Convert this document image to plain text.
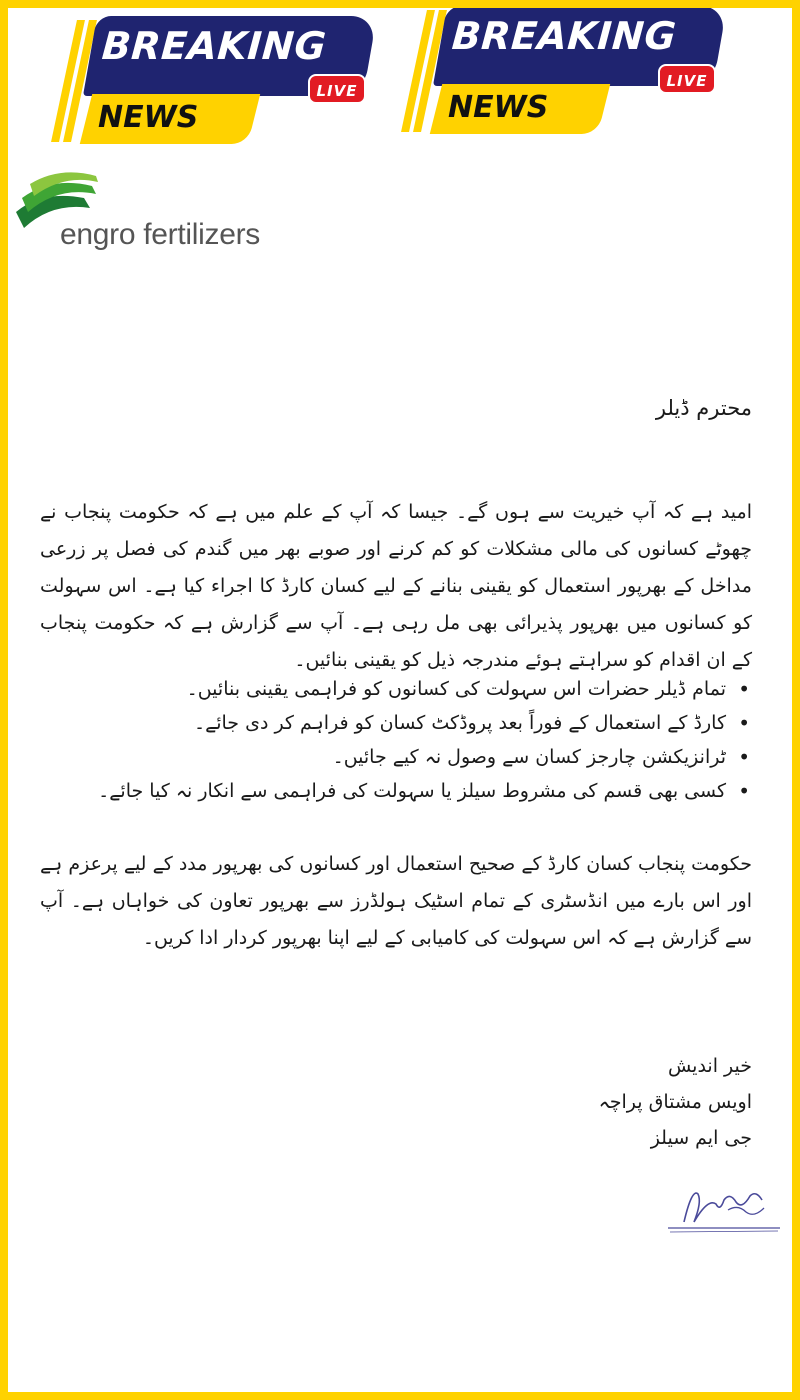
BREAKING
NEWS
LIVE
BREAKING
NEWS
LIVE
engro fertilizers
محترم ڈیلر

امید ہے کہ آپ خیریت سے ہوں گے۔ جیسا کہ آپ کے علم میں ہے کہ حکومت پنجاب نے چھوٹے کسانوں کی مالی مشکلات کو کم کرنے اور صوبے بھر میں گندم کی فصل پر زرعی مداخل کے بھرپور استعمال کو یقینی بنانے کے لیے کسان کارڈ کا اجراء کیا ہے۔ اس سہولت کو کسانوں میں بھرپور پذیرائی بھی مل رہی ہے۔ آپ سے گزارش ہے کہ حکومت پنجاب کے ان اقدام کو سراہتے ہوئے مندرجہ ذیل کو یقینی بنائیں۔

•
تمام ڈیلر حضرات اس سہولت کی کسانوں کو فراہمی یقینی بنائیں۔
•
کارڈ کے استعمال کے فوراً بعد پروڈکٹ کسان کو فراہم کر دی جائے۔
•
ٹرانزیکشن چارجز کسان سے وصول نہ کیے جائیں۔
•
کسی بھی قسم کی مشروط سیلز یا سہولت کی فراہمی سے انکار نہ کیا جائے۔

حکومت پنجاب کسان کارڈ کے صحیح استعمال اور کسانوں کی بھرپور مدد کے لیے پرعزم ہے اور اس بارے میں انڈسٹری کے تمام اسٹیک ہولڈرز سے بھرپور تعاون کی خواہاں ہے۔ آپ سے گزارش ہے کہ اس سہولت کی کامیابی کے لیے اپنا بھرپور کردار ادا کریں۔

خیر اندیش
اویس مشتاق پراچہ
جی ایم سیلز
